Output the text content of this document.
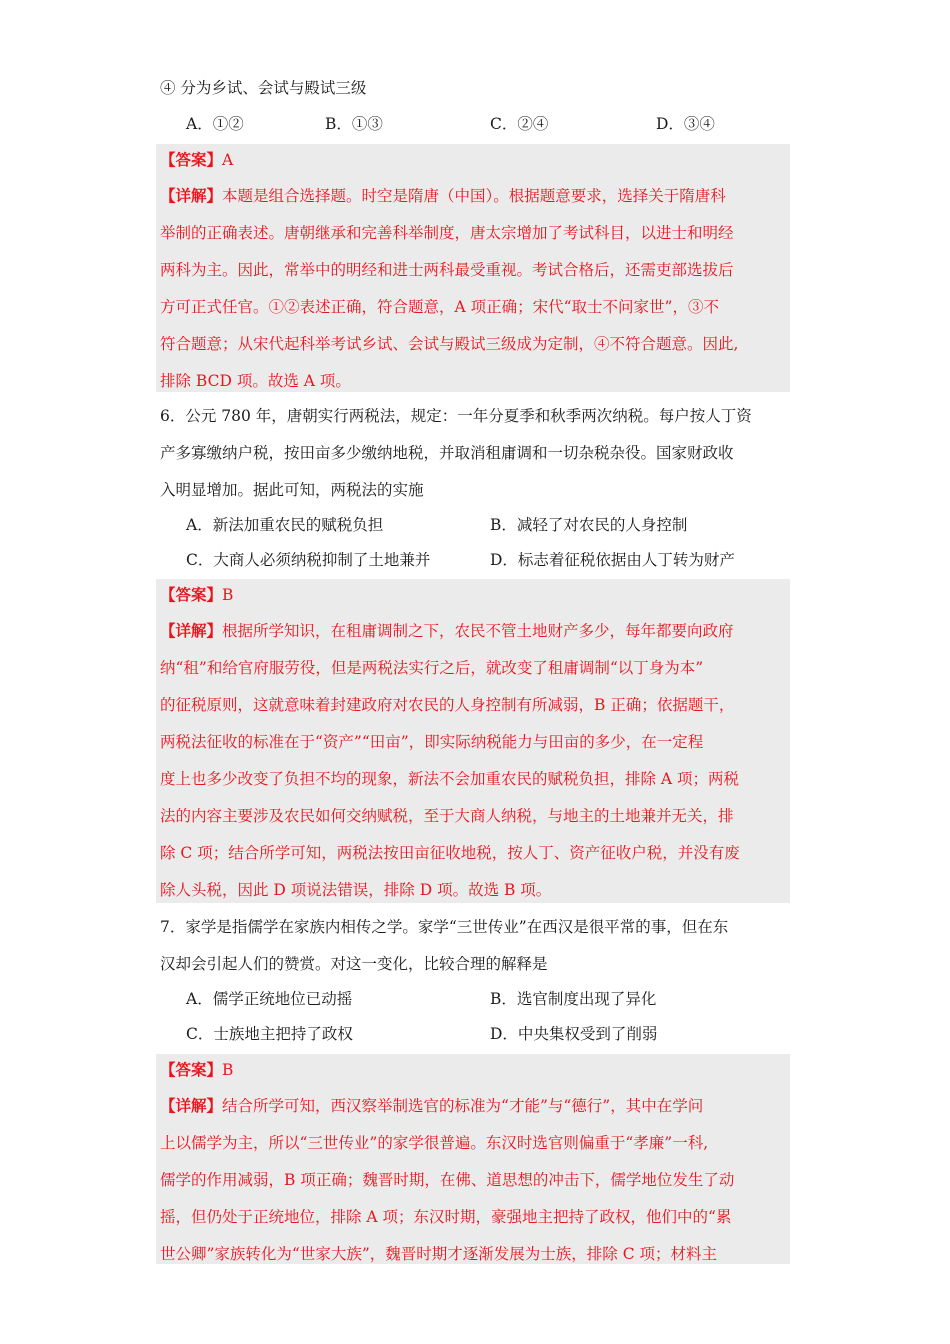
④ 分为乡试、会试与殿试三级
A．①②	B．①③	C．②④	D．③④
【答案】A
【详解】本题是组合选择题。时空是隋唐（中国）。根据题意要求，选择关于隋唐科
举制的正确表述。唐朝继承和完善科举制度，唐太宗增加了考试科目，以进士和明经
两科为主。因此，常举中的明经和进士两科最受重视。考试合格后，还需吏部选拔后
方可正式任官。①②表述正确，符合题意，A 项正确；宋代“取士不问家世”，③不
符合题意；从宋代起科举考试乡试、会试与殿试三级成为定制，④不符合题意。因此,
排除 BCD 项。故选 A 项。
6．公元 780 年，唐朝实行两税法，规定：一年分夏季和秋季两次纳税。每户按人丁资
产多寡缴纳户税，按田亩多少缴纳地税，并取消租庸调和一切杂税杂役。国家财政收
入明显增加。据此可知，两税法的实施
A．新法加重农民的赋税负担	B．减轻了对农民的人身控制
C．大商人必须纳税抑制了土地兼并	D．标志着征税依据由人丁转为财产
【答案】B
【详解】根据所学知识，在租庸调制之下，农民不管土地财产多少，每年都要向政府
纳“租”和给官府服劳役，但是两税法实行之后，就改变了租庸调制“以丁身为本”
的征税原则，这就意味着封建政府对农民的人身控制有所减弱，B 正确；依据题干，
两税法征收的标准在于“资产”“田亩”，即实际纳税能力与田亩的多少，在一定程
度上也多少改变了负担不均的现象，新法不会加重农民的赋税负担，排除 A 项；两税
法的内容主要涉及农民如何交纳赋税，至于大商人纳税，与地主的土地兼并无关，排
除 C 项；结合所学可知，两税法按田亩征收地税，按人丁、资产征收户税，并没有废
除人头税，因此 D 项说法错误，排除 D 项。故选 B 项。
7．家学是指儒学在家族内相传之学。家学“三世传业”在西汉是很平常的事，但在东
汉却会引起人们的赞赏。对这一变化，比较合理的解释是
A．儒学正统地位已动摇	B．选官制度出现了异化
C．士族地主把持了政权	D．中央集权受到了削弱
【答案】B
【详解】结合所学可知，西汉察举制选官的标准为“才能”与“德行”，其中在学问
上以儒学为主，所以“三世传业”的家学很普遍。东汉时选官则偏重于“孝廉”一科,
儒学的作用减弱，B 项正确；魏晋时期，在佛、道思想的冲击下，儒学地位发生了动
摇，但仍处于正统地位，排除 A 项；东汉时期，豪强地主把持了政权，他们中的“累
世公卿”家族转化为“世家大族”，魏晋时期才逐渐发展为士族，排除 C 项；材料主
